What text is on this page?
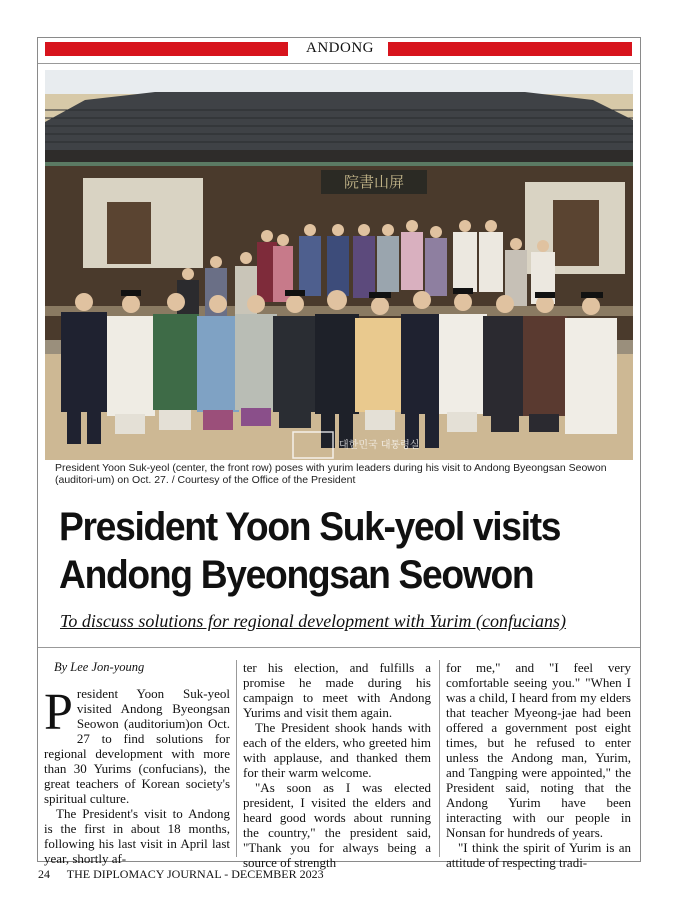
ANDONG
院書山屏
대한민국 대통령실
President Yoon Suk-yeol (center, the front row) poses with yurim leaders during his visit to Andong Byeongsan Seowon (auditori-um) on Oct. 27. / Courtesy of the Office of the President
President Yoon Suk-yeol visits
Andong Byeongsan Seowon
To discuss solutions for regional development with Yurim (confucians)

By Lee Jon-young

President Yoon Suk-yeol visited Andong Byeongsan Seowon (auditorium)on Oct. 27 to find solutions for regional development with more than 30 Yurims (confucians), the great teachers of Korean society's spiritual culture.

The President's visit to Andong is the first in about 18 months, following his last visit in April last year, shortly af-

ter his election, and fulfills a promise he made during his campaign to meet with Andong Yurims and visit them again.

The President shook hands with each of the elders, who greeted him with applause, and thanked them for their warm welcome.

"As soon as I was elected president, I visited the elders and heard good words about running the country," the president said, "Thank you for always being a source of strength

for me," and "I feel very comfortable seeing you." "When I was a child, I heard from my elders that teacher Myeong-jae had been offered a government post eight times, but he refused to enter unless the Andong man, Yurim, and Tangping were appointed," the President said, noting that the Andong Yurim have been interacting with our people in Nonsan for hundreds of years.

"I think the spirit of Yurim is an attitude of respecting tradi-

24 THE DIPLOMACY JOURNAL - DECEMBER 2023
